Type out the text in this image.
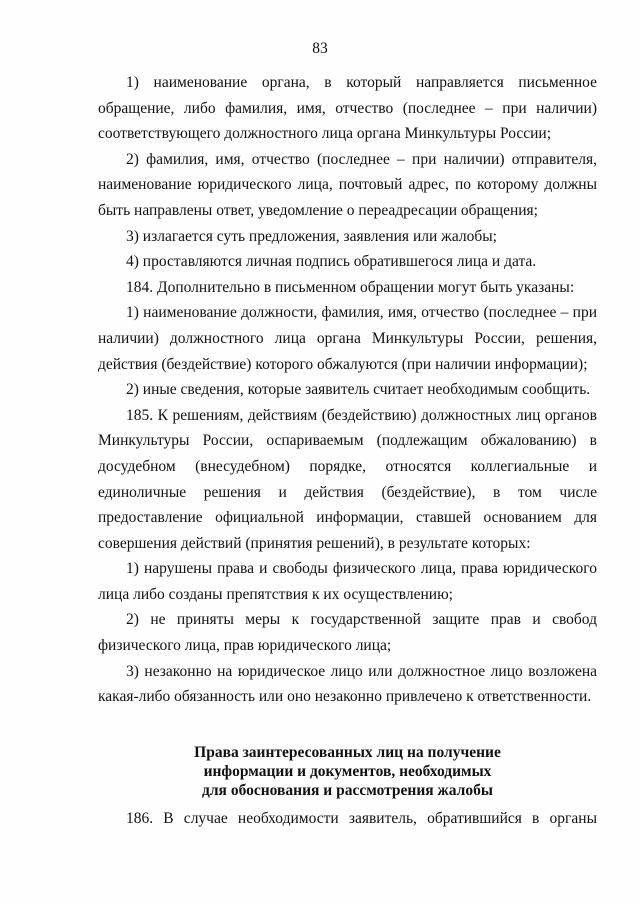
83

1) наименование органа, в который направляется письменное обращение, либо фамилия, имя, отчество (последнее – при наличии) соответствующего должностного лица органа Минкультуры России;

2) фамилия, имя, отчество (последнее – при наличии) отправителя, наименование юридического лица, почтовый адрес, по которому должны быть направлены ответ, уведомление о переадресации обращения;

3) излагается суть предложения, заявления или жалобы;

4) проставляются личная подпись обратившегося лица и дата.

184. Дополнительно в письменном обращении могут быть указаны:

1) наименование должности, фамилия, имя, отчество (последнее – при наличии) должностного лица органа Минкультуры России, решения, действия (бездействие) которого обжалуются (при наличии информации);

2) иные сведения, которые заявитель считает необходимым сообщить.

185. К решениям, действиям (бездействию) должностных лиц органов Минкультуры России, оспариваемым (подлежащим обжалованию) в досудебном (внесудебном) порядке, относятся коллегиальные и единоличные решения и действия (бездействие), в том числе предоставление официальной информации, ставшей основанием для совершения действий (принятия решений), в результате которых:

1) нарушены права и свободы физического лица, права юридического лица либо созданы препятствия к их осуществлению;

2) не приняты меры к государственной защите прав и свобод физического лица, прав юридического лица;

3) незаконно на юридическое лицо или должностное лицо возложена какая-либо обязанность или оно незаконно привлечено к ответственности.

Права заинтересованных лиц на получение
информации и документов, необходимых
для обоснования и рассмотрения жалобы
186. В случае необходимости заявитель, обратившийся в органы
